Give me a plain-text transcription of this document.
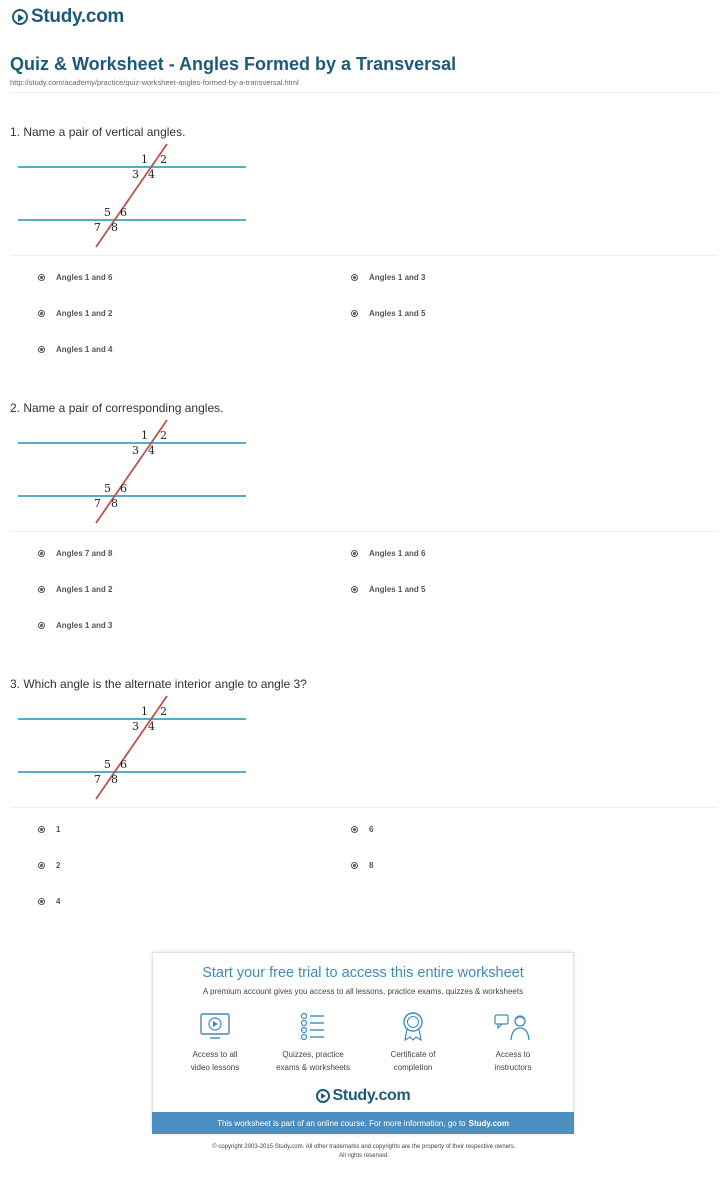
Study.com
Quiz & Worksheet - Angles Formed by a Transversal
http://study.com/academy/practice/quiz-worksheet-angles-formed-by-a-transversal.html
1. Name a pair of vertical angles.
1 2
3 4
5 6
7 8
Angles 1 and 6	Angles 1 and 3
Angles 1 and 2	Angles 1 and 5
Angles 1 and 4
2. Name a pair of corresponding angles.
1 2
3 4
5 6
7 8
Angles 7 and 8	Angles 1 and 6
Angles 1 and 2	Angles 1 and 5
Angles 1 and 3
3. Which angle is the alternate interior angle to angle 3?
1 2
3 4
5 6
7 8
1	6
2	8
4
Start your free trial to access this entire worksheet
A premium account gives you access to all lessons, practice exams, quizzes & worksheets
Access to all
video lessons
Quizzes, practice
exams & worksheets
Certificate of
completion
Access to
instructors
Study.com
This worksheet is part of an online course. For more information, go to Study.com
© copyright 2003-2015 Study.com. All other trademarks and copyrights are the property of their respective owners.
All rights reserved.
